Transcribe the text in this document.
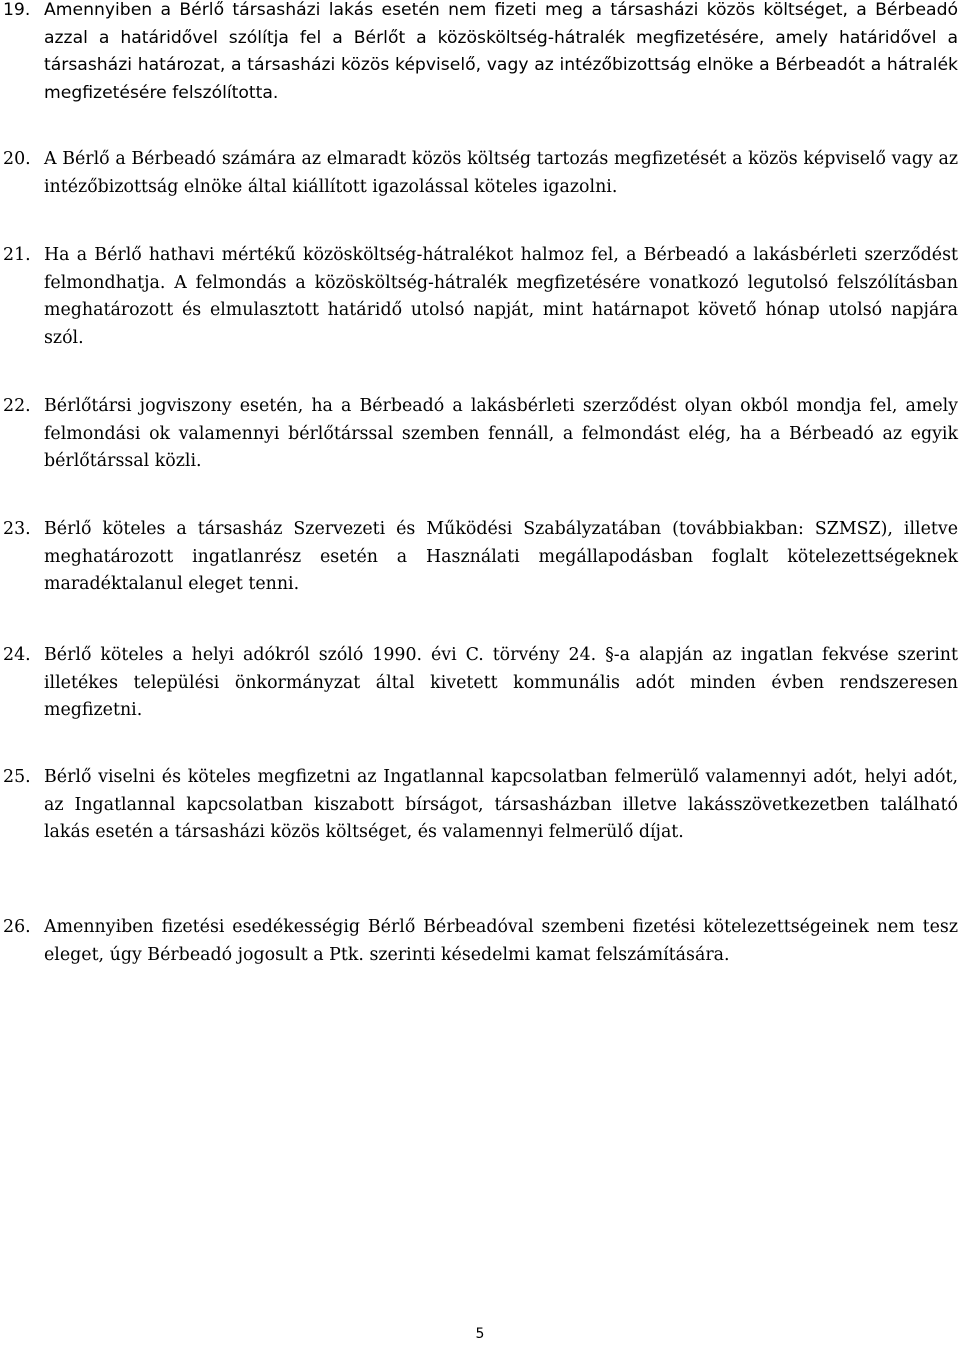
19. Amennyiben a Bérlő társasházi lakás esetén nem fizeti meg a társasházi közös költséget, a Bérbeadó azzal a határidővel szólítja fel a Bérlőt a közösköltség-hátralék megfizetésére, amely határidővel a társasházi határozat, a társasházi közös képviselő, vagy az intézőbizottság elnöke a Bérbeadót a hátralék megfizetésére felszólította.
20. A Bérlő a Bérbeadó számára az elmaradt közös költség tartozás megfizetését a közös képviselő vagy az intézőbizottság elnöke által kiállított igazolással köteles igazolni.
21. Ha a Bérlő hathavi mértékű közösköltség-hátralékot halmoz fel, a Bérbeadó a lakásbérleti szerződést felmondhatja. A felmondás a közösköltség-hátralék megfizetésére vonatkozó legutolsó felszólításban meghatározott és elmulasztott határidő utolsó napját, mint határnapot követő hónap utolsó napjára szól.
22. Bérlőtársi jogviszony esetén, ha a Bérbeadó a lakásbérleti szerződést olyan okból mondja fel, amely felmondási ok valamennyi bérlőtárssal szemben fennáll, a felmondást elég, ha a Bérbeadó az egyik bérlőtárssal közli.
23. Bérlő köteles a társasház Szervezeti és Működési Szabályzatában (továbbiakban: SZMSZ), illetve meghatározott ingatlanrész esetén a Használati megállapodásban foglalt kötelezettségeknek maradéktalanul eleget tenni.
24. Bérlő köteles a helyi adókról szóló 1990. évi C. törvény 24. §-a alapján az ingatlan fekvése szerint illetékes települési önkormányzat által kivetett kommunális adót minden évben rendszeresen megfizetni.
25. Bérlő viselni és köteles megfizetni az Ingatlannal kapcsolatban felmerülő valamennyi adót, helyi adót, az Ingatlannal kapcsolatban kiszabott bírságot, társasházban illetve lakásszövetkezetben található lakás esetén a társasházi közös költséget, és valamennyi felmerülő díjat.
26. Amennyiben fizetési esedékességig Bérlő Bérbeadóval szembeni fizetési kötelezettségeinek nem tesz eleget, úgy Bérbeadó jogosult a Ptk. szerinti késedelmi kamat felszámítására.
5
